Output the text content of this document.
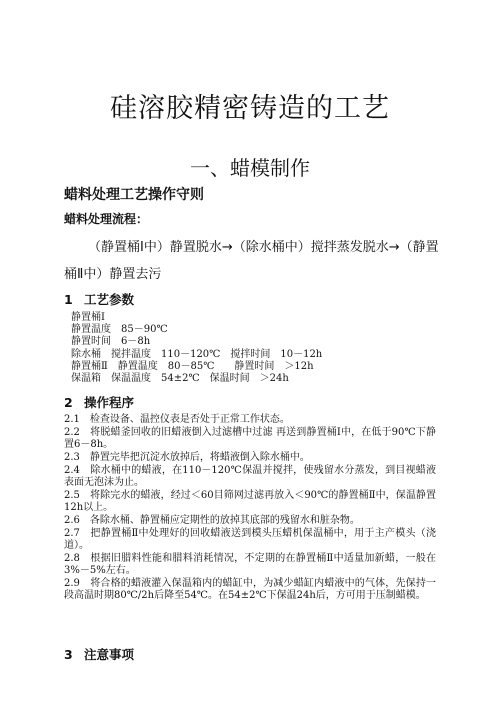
硅溶胶精密铸造的工艺
一、蜡模制作
蜡料处理工艺操作守则
蜡料处理流程：
（静置桶Ⅰ中）静置脱水→（除水桶中）搅拌蒸发脱水→（静置桶Ⅱ中）静置去污
1 工艺参数
静置桶Ⅰ
静置温度　85－90℃
静置时间　6－8h
除水桶　搅拌温度　110－120℃　搅拌时间　10－12h
静置桶Ⅱ　静置温度　80－85℃　　静置时间　＞12h
保温箱　保温温度　54±2℃　保温时间　＞24h
2 操作程序
2.1　检查设备、温控仪表是否处于正常工作状态。
2.2　将脱蜡釜回收的旧蜡液倒入过滤槽中过滤 再送到静置桶Ⅰ中，在低于90℃下静置6－8h。
2.3　静置完毕把沉淀水放掉后，将蜡液倒入除水桶中。
2.4　除水桶中的蜡液，在110－120℃保温并搅拌，使残留水分蒸发，到目视蜡液表面无泡沫为止。
2.5　将除完水的蜡液，经过＜60目筛网过滤再放入＜90℃的静置桶Ⅱ中，保温静置12h以上。
2.6　各除水桶、静置桶应定期性的放掉其底部的残留水和脏杂物。
2.7　把静置桶Ⅱ中处理好的回收蜡液送到模头压蜡机保温桶中，用于主产模头（浇道）。
2.8　根据旧腊料性能和腊料消耗情况，不定期的在静置桶Ⅱ中适量加新蜡，一般在3%－5%左右。
2.9　将合格的蜡液灌入保温箱内的蜡缸中，为减少蜡缸内蜡液中的气体，先保持一段高温时期80℃/2h后降至54℃。在54±2℃下保温24h后，方可用于压制蜡模。
3 注意事项
